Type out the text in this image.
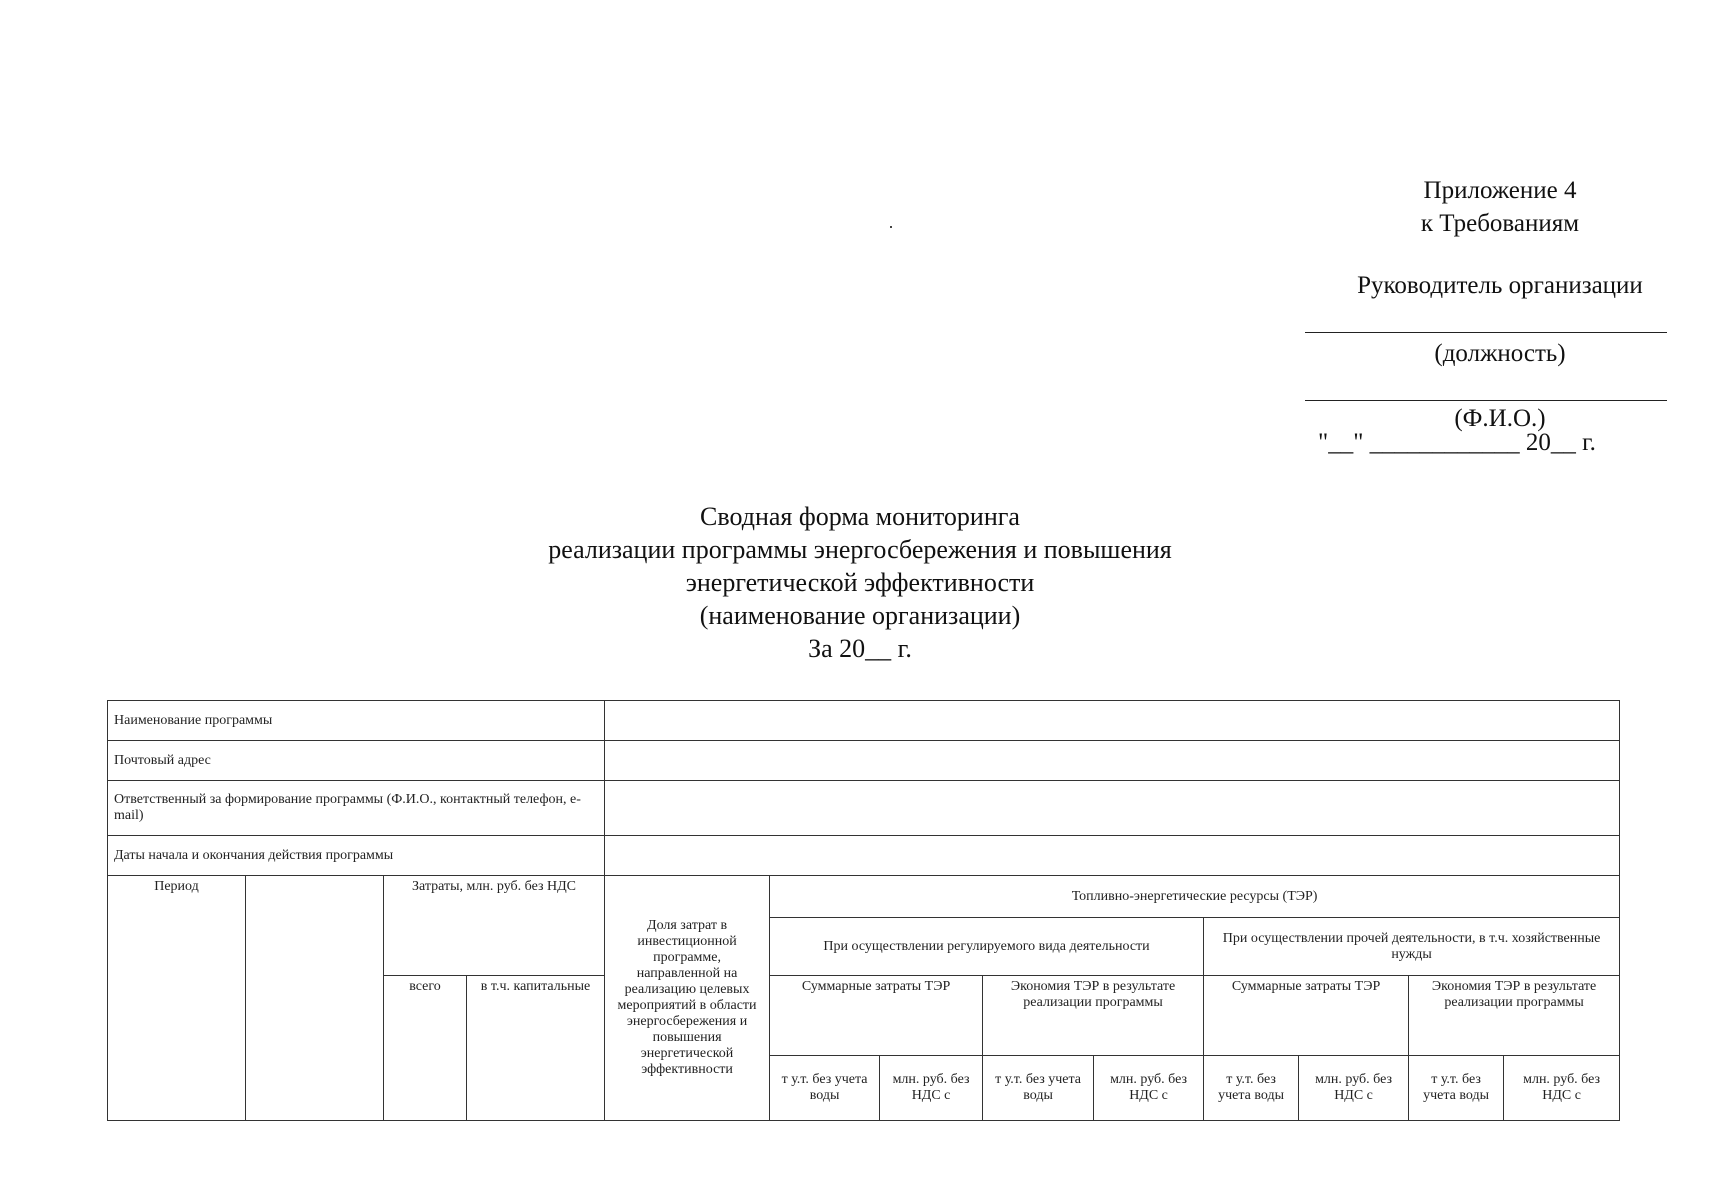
Приложение 4
к Требованиям
Руководитель организации
(должность)
(Ф.И.О.)
"__" ____________ 20__ г.
Сводная форма мониторинга
реализации программы энергосбережения и повышения
энергетической эффективности
(наименование организации)
За 20__ г.
Наименование программы												
Почтовый адрес												
Ответственный за формирование программы (Ф.И.О., контактный телефон, e-mail)												
Даты начала и окончания действия программы												
Период		Затраты, млн. руб. без НДС		Доля затрат в инвестиционной программе, направленной на реализацию целевых мероприятий в области энергосбережения и повышения энергетической эффективности	Топливно-энергетические ресурсы (ТЭР)							
					При осуществлении регулируемого вида деятельности				При осуществлении прочей деятельности, в т.ч. хозяйственные нужды			
		всего	в т.ч. капитальные		Суммарные затраты ТЭР		Экономия ТЭР в результате реализации программы		Суммарные затраты ТЭР		Экономия ТЭР в результате реализации программы	
					т у.т. без учета воды	млн. руб. без НДС с	т у.т. без учета воды	млн. руб. без НДС с	т у.т. без учета воды	млн. руб. без НДС с	т у.т. без учета воды	млн. руб. без НДС с
